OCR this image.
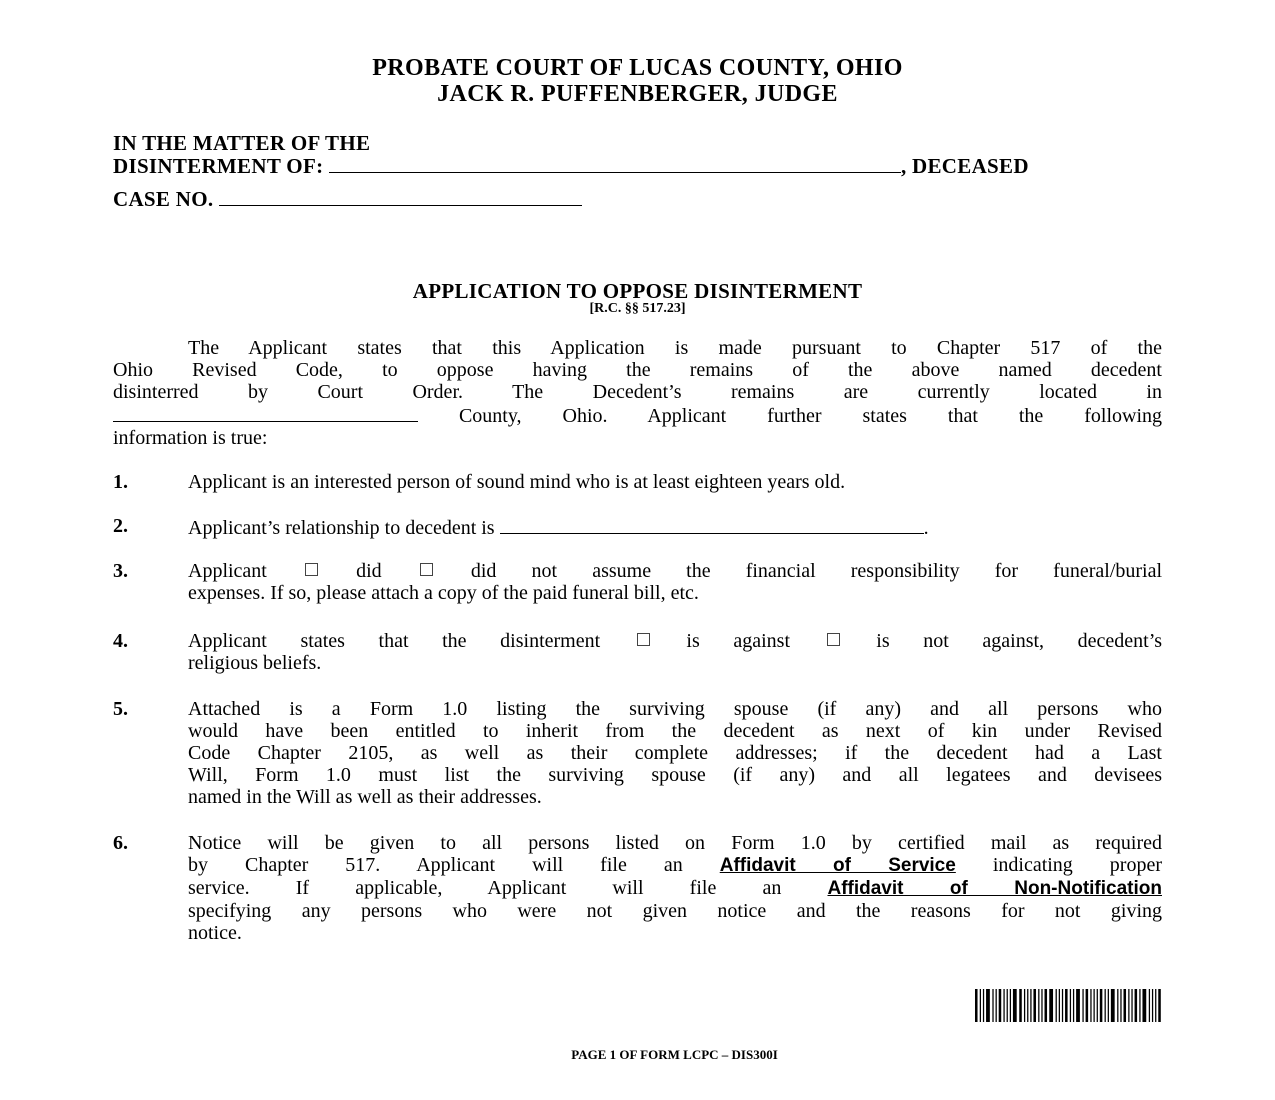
PROBATE COURT OF LUCAS COUNTY, OHIO
JACK R. PUFFENBERGER, JUDGE
IN THE MATTER OF THE
DISINTERMENT OF:	, DECEASED
CASE NO.
APPLICATION TO OPPOSE DISINTERMENT
[R.C. §§ 517.23]
The Applicant states that this Application is made pursuant to Chapter 517 of the
Ohio Revised Code, to oppose having the remains of the above named decedent
disinterred by Court Order. The Decedent’s remains are currently located in
County, Ohio. Applicant further states that the following
information is true:
1.	Applicant is an interested person of sound mind who is at least eighteen years old.
2.	Applicant’s relationship to decedent is	.
3.	Applicant	did	did not assume the financial responsibility for funeral/burial
expenses. If so, please attach a copy of the paid funeral bill, etc.
4.	Applicant states that the disinterment	is against	is not against, decedent’s
religious beliefs.
5.	Attached is a Form 1.0 listing the surviving spouse (if any) and all persons who
would have been entitled to inherit from the decedent as next of kin under Revised
Code Chapter 2105, as well as their complete addresses; if the decedent had a Last
Will, Form 1.0 must list the surviving spouse (if any) and all legatees and devisees
named in the Will as well as their addresses.
6.	Notice will be given to all persons listed on Form 1.0 by certified mail as required
by Chapter 517. Applicant will file an Affidavit of Service indicating proper
service. If applicable, Applicant will file an Affidavit of Non-Notification
specifying any persons who were not given notice and the reasons for not giving
notice.
PAGE 1 OF FORM LCPC – DIS300I
